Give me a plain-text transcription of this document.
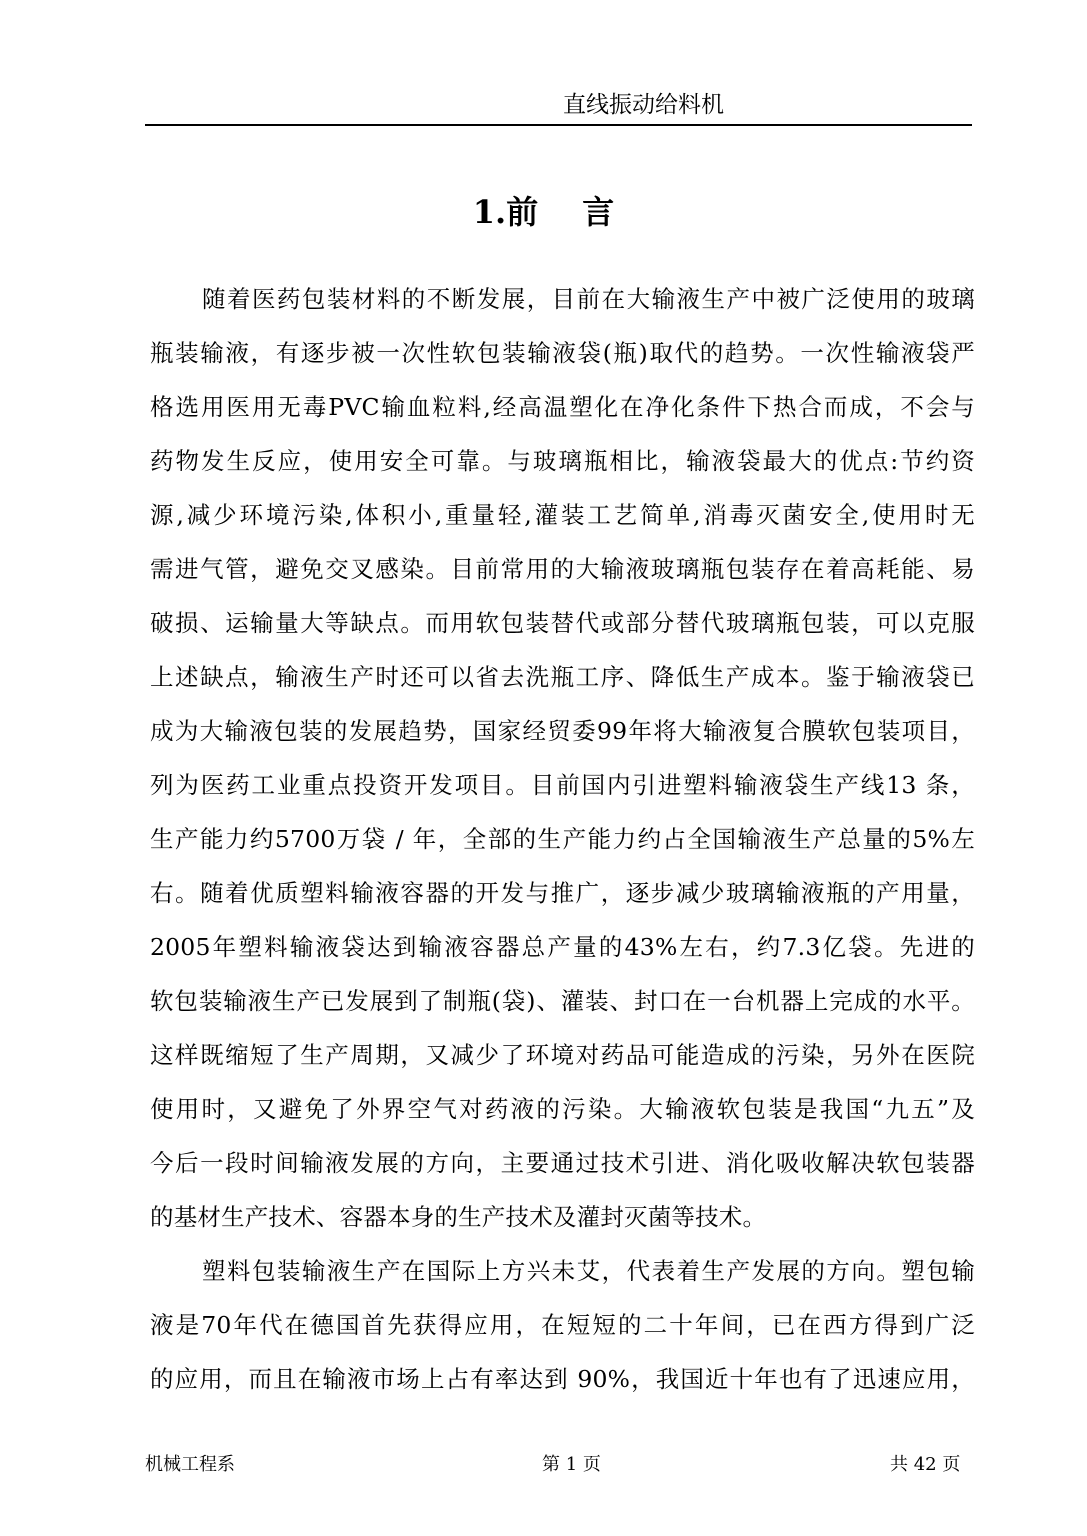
直线振动给料机
1.前 言
随着医药包装材料的不断发展，目前在大输液生产中被广泛使用的玻璃
瓶装输液，有逐步被一次性软包装输液袋(瓶)取代的趋势。一次性输液袋严
格选用医用无毒PVC输血粒料,经高温塑化在净化条件下热合而成，不会与
药物发生反应，使用安全可靠。与玻璃瓶相比，输液袋最大的优点:节约资
源,减少环境污染,体积小,重量轻,灌装工艺简单,消毒灭菌安全,使用时无
需进气管，避免交叉感染。目前常用的大输液玻璃瓶包装存在着高耗能、易
破损、运输量大等缺点。而用软包装替代或部分替代玻璃瓶包装，可以克服
上述缺点，输液生产时还可以省去洗瓶工序、降低生产成本。鉴于输液袋已
成为大输液包装的发展趋势，国家经贸委99年将大输液复合膜软包装项目，
列为医药工业重点投资开发项目。目前国内引进塑料输液袋生产线13 条，
生产能力约5700万袋 / 年，全部的生产能力约占全国输液生产总量的5%左
右。随着优质塑料输液容器的开发与推广，逐步减少玻璃输液瓶的产用量，
2005年塑料输液袋达到输液容器总产量的43%左右，约7.3亿袋。先进的
软包装输液生产已发展到了制瓶(袋)、灌装、封口在一台机器上完成的水平。
这样既缩短了生产周期，又减少了环境对药品可能造成的污染，另外在医院
使用时，又避免了外界空气对药液的污染。大输液软包装是我国“九五”及
今后一段时间输液发展的方向，主要通过技术引进、消化吸收解决软包装器
的基材生产技术、容器本身的生产技术及灌封灭菌等技术。
塑料包装输液生产在国际上方兴未艾，代表着生产发展的方向。塑包输
液是70年代在德国首先获得应用，在短短的二十年间，已在西方得到广泛
的应用，而且在输液市场上占有率达到 90%，我国近十年也有了迅速应用，
机械工程系	第 1 页	共 42 页
